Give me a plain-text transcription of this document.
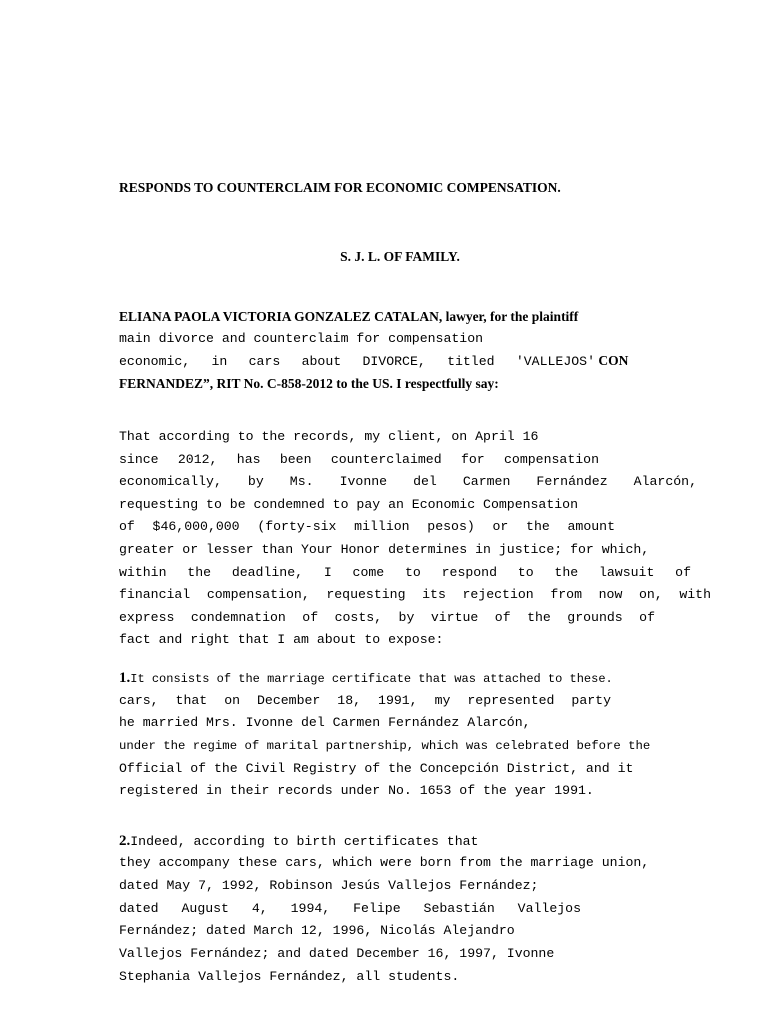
RESPONDS TO COUNTERCLAIM FOR ECONOMIC COMPENSATION.
S. J. L. OF FAMILY.
ELIANA PAOLA VICTORIA GONZALEZ CATALAN, lawyer, for the plaintiff
main divorce and counterclaim for compensation
economic, in cars about DIVORCE, titled 'VALLEJOS' CON
FERNANDEZ”, RIT No. C-858-2012 to the US. I respectfully say:
That according to the records, my client, on April 16
since 2012, has been counterclaimed for compensation
economically, by Ms. Ivonne del Carmen Fernández Alarcón,
requesting to be condemned to pay an Economic Compensation
of $46,000,000 (forty-six million pesos) or the amount
greater or lesser than Your Honor determines in justice; for which,
within the deadline, I come to respond to the lawsuit of
financial compensation, requesting its rejection from now on, with
express condemnation of costs, by virtue of the grounds of
fact and right that I am about to expose:
1.It consists of the marriage certificate that was attached to these.
cars, that on December 18, 1991, my represented party
he married Mrs. Ivonne del Carmen Fernández Alarcón,
under the regime of marital partnership, which was celebrated before the
Official of the Civil Registry of the Concepción District, and it
registered in their records under No. 1653 of the year 1991.
2.Indeed, according to birth certificates that
they accompany these cars, which were born from the marriage union,
dated May 7, 1992, Robinson Jesús Vallejos Fernández;
dated August 4, 1994, Felipe Sebastián Vallejos
Fernández; dated March 12, 1996, Nicolás Alejandro
Vallejos Fernández; and dated December 16, 1997, Ivonne
Stephania Vallejos Fernández, all students.
